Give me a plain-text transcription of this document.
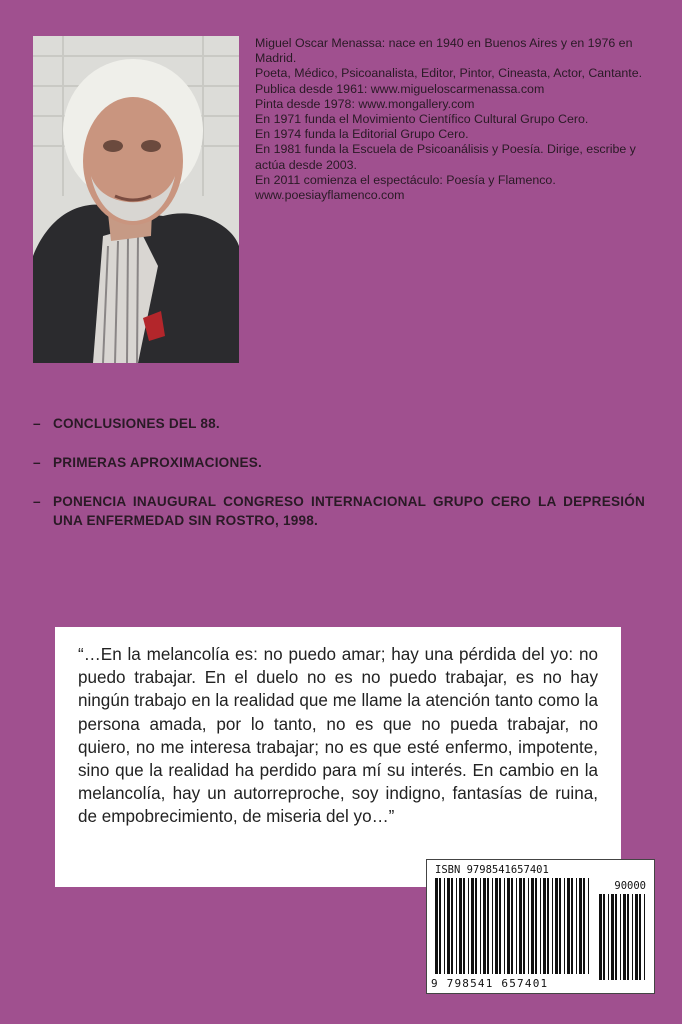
Miguel Oscar Menassa: nace en 1940 en Buenos Aires y en 1976 en Madrid.

Poeta, Médico, Psicoanalista, Editor, Pintor, Cineasta, Actor, Cantante.

Publica desde 1961: www.migueloscarmenassa.com

Pinta desde 1978: www.mongallery.com

En 1971 funda el Movimiento Científico Cultural Grupo Cero.

En 1974 funda la Editorial Grupo Cero.

En 1981 funda la Escuela de Psicoanálisis y Poesía. Dirige, escribe y actúa desde 2003.

En 2011 comienza el espectáculo: Poesía y Flamenco. www.poesiayflamenco.com

– CONCLUSIONES DEL 88.
– PRIMERAS APROXIMACIONES.
– PONENCIA INAUGURAL CONGRESO INTERNACIONAL GRUPO CERO LA DEPRESIÓN UNA ENFERMEDAD SIN ROSTRO, 1998.

“…En la melancolía es: no puedo amar; hay una pérdida del yo: no puedo trabajar. En el duelo no es no puedo trabajar, es no hay ningún trabajo en la realidad que me llame la atención tanto como la persona amada, por lo tanto, no es que no pueda trabajar, no quiero, no me interesa trabajar; no es que esté enfermo, impotente, sino que la realidad ha perdido para mí su interés. En cambio en la melancolía, hay un autorreproche, soy indigno, fantasías de ruina, de empobrecimiento, de miseria del yo…”

ISBN 9798541657401
90000
9 798541 657401
